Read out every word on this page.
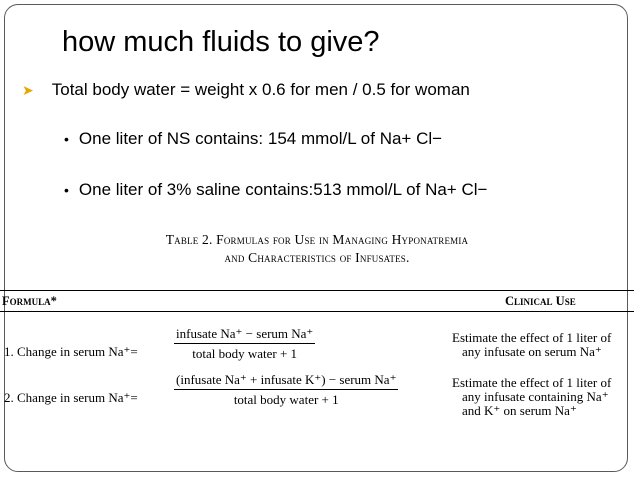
how much fluids to give?
➤ Total body water = weight x 0.6 for men / 0.5 for woman
• One liter of NS contains: 154 mmol/L of Na+ Cl−
• One liter of 3% saline contains:513 mmol/L of Na+ Cl−
Table 2. Formulas for Use in Managing Hyponatremia
and Characteristics of Infusates.
Formula*	Clinical Use
1. Change in serum Na⁺=
infusate Na⁺ − serum Na⁺
total body water + 1
Estimate the effect of 1 liter of
any infusate on serum Na⁺
2. Change in serum Na⁺=
(infusate Na⁺ + infusate K⁺) − serum Na⁺
total body water + 1
Estimate the effect of 1 liter of
any infusate containing Na⁺
and K⁺ on serum Na⁺
